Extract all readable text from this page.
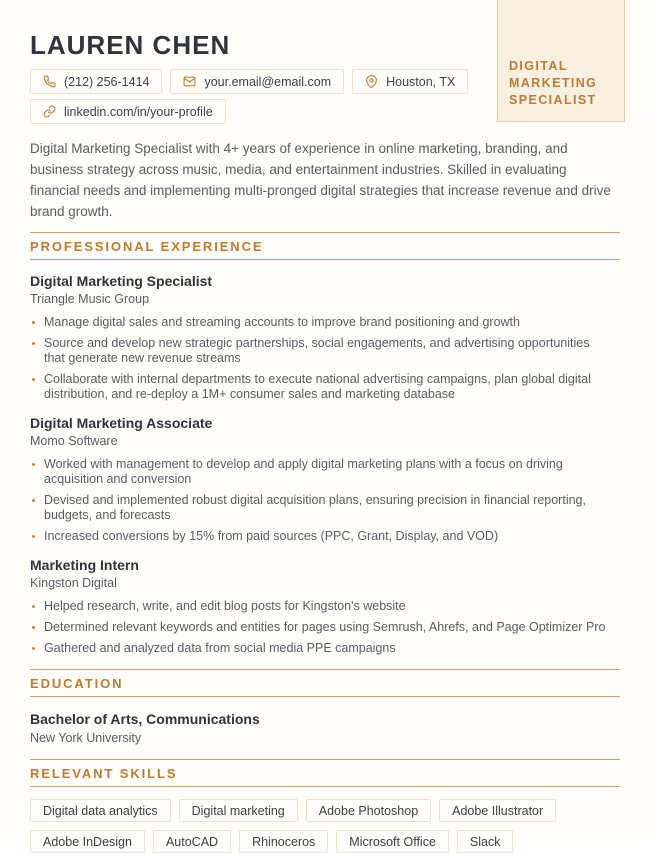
DIGITAL
MARKETING
SPECIALIST
LAUREN CHEN
(212) 256-1414	your.email@email.com	Houston, TX
linkedin.com/in/your-profile

Digital Marketing Specialist with 4+ years of experience in online marketing, branding, and business strategy across music, media, and entertainment industries. Skilled in evaluating financial needs and implementing multi-pronged digital strategies that increase revenue and drive brand growth.

PROFESSIONAL EXPERIENCE
Digital Marketing Specialist
Triangle Music Group
Manage digital sales and streaming accounts to improve brand positioning and growth
Source and develop new strategic partnerships, social engagements, and advertising opportunities that generate new revenue streams
Collaborate with internal departments to execute national advertising campaigns, plan global digital distribution, and re-deploy a 1M+ consumer sales and marketing database
Digital Marketing Associate
Momo Software
Worked with management to develop and apply digital marketing plans with a focus on driving acquisition and conversion
Devised and implemented robust digital acquisition plans, ensuring precision in financial reporting, budgets, and forecasts
Increased conversions by 15% from paid sources (PPC, Grant, Display, and VOD)
Marketing Intern
Kingston Digital
Helped research, write, and edit blog posts for Kingston's website
Determined relevant keywords and entities for pages using Semrush, Ahrefs, and Page Optimizer Pro
Gathered and analyzed data from social media PPE campaigns
EDUCATION
Bachelor of Arts, Communications
New York University
RELEVANT SKILLS
Digital data analytics	Digital marketing	Adobe Photoshop	Adobe Illustrator
Adobe InDesign	AutoCAD	Rhinoceros	Microsoft Office	Slack
